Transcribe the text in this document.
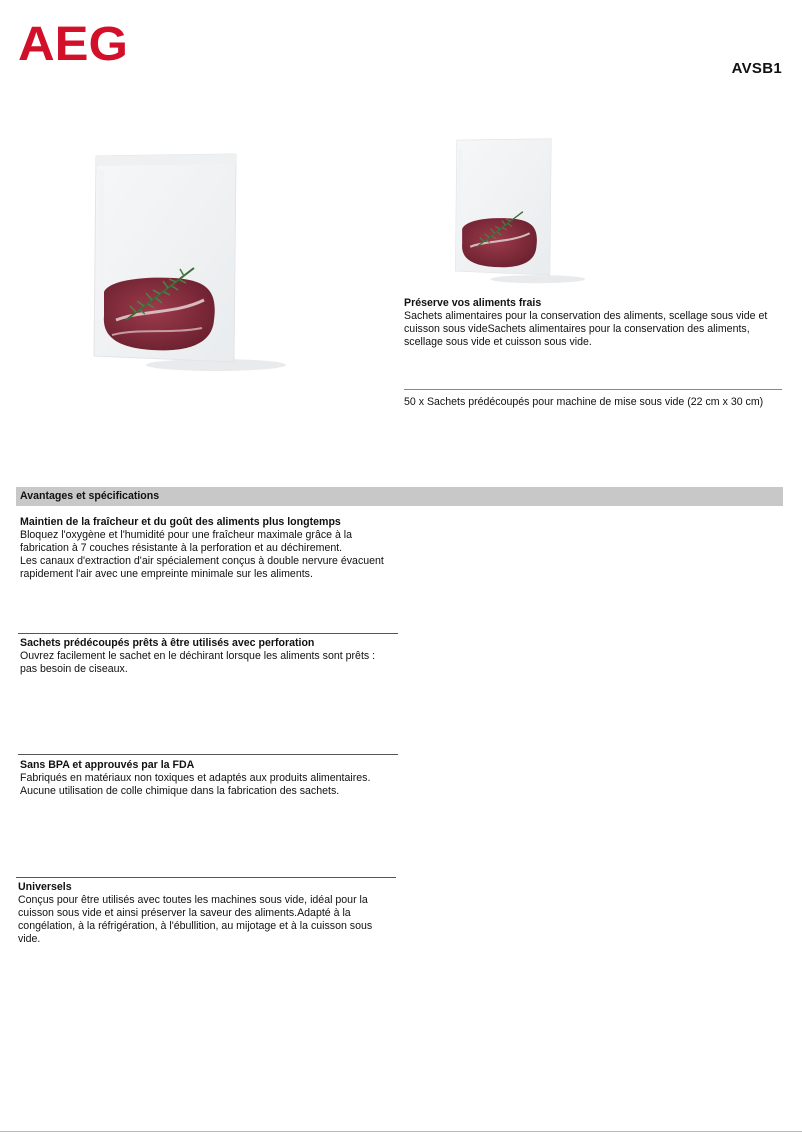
AEG	AVSB1
Préserve vos aliments frais
Sachets alimentaires pour la conservation des aliments, scellage sous vide et cuisson sous videSachets alimentaires pour la conservation des aliments, scellage sous vide et cuisson sous vide.
50 x Sachets prédécoupés pour machine de mise sous vide (22 cm x 30 cm)
Avantages et spécifications
Maintien de la fraîcheur et du goût des aliments plus longtemps
Bloquez l'oxygène et l'humidité pour une fraîcheur maximale grâce à la
fabrication à 7 couches résistante à la perforation et au déchirement.
Les canaux d'extraction d'air spécialement conçus à double nervure évacuent
rapidement l'air avec une empreinte minimale sur les aliments.
Sachets prédécoupés prêts à être utilisés avec perforation
Ouvrez facilement le sachet en le déchirant lorsque les aliments sont prêts :
pas besoin de ciseaux.
Sans BPA et approuvés par la FDA
Fabriqués en matériaux non toxiques et adaptés aux produits alimentaires.
Aucune utilisation de colle chimique dans la fabrication des sachets.
Universels
Conçus pour être utilisés avec toutes les machines sous vide, idéal pour la
cuisson sous vide et ainsi préserver la saveur des aliments.Adapté à la
congélation, à la réfrigération, à l'ébullition, au mijotage et à la cuisson sous
vide.
